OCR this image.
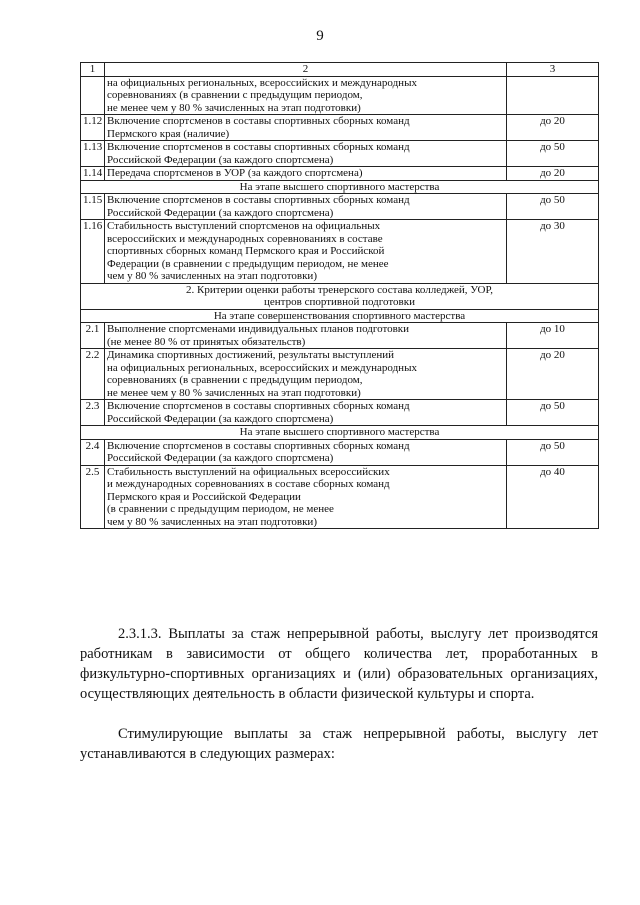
9
1	2	3
	на официальных региональных, всероссийских и международных
соревнованиях (в сравнении с предыдущим периодом,
не менее чем у 80 % зачисленных на этап подготовки)	
1.12	Включение спортсменов в составы спортивных сборных команд
Пермского края (наличие)	до 20
1.13	Включение спортсменов в составы спортивных сборных команд
Российской Федерации (за каждого спортсмена)	до 50
1.14	Передача спортсменов в УОР (за каждого спортсмена)	до 20
На этапе высшего спортивного мастерства		
1.15	Включение спортсменов в составы спортивных сборных команд
Российской Федерации (за каждого спортсмена)	до 50
1.16	Стабильность выступлений спортсменов на официальных
всероссийских и международных соревнованиях в составе
спортивных сборных команд Пермского края и Российской
Федерации (в сравнении с предыдущим периодом, не менее
чем у 80 % зачисленных на этап подготовки)	до 30
2. Критерии оценки работы тренерского состава колледжей, УОР,
центров спортивной подготовки		
На этапе совершенствования спортивного мастерства		
2.1	Выполнение спортсменами индивидуальных планов подготовки
(не менее 80 % от принятых обязательств)	до 10
2.2	Динамика спортивных достижений, результаты выступлений
на официальных региональных, всероссийских и международных
соревнованиях (в сравнении с предыдущим периодом,
не менее чем у 80 % зачисленных на этап подготовки)	до 20
2.3	Включение спортсменов в составы спортивных сборных команд
Российской Федерации (за каждого спортсмена)	до 50
На этапе высшего спортивного мастерства		
2.4	Включение спортсменов в составы спортивных сборных команд
Российской Федерации (за каждого спортсмена)	до 50
2.5	Стабильность выступлений на официальных всероссийских
и международных соревнованиях в составе сборных команд
Пермского края и Российской Федерации
(в сравнении с предыдущим периодом, не менее
чем у 80 % зачисленных на этап подготовки)	до 40

2.3.1.3. Выплаты за стаж непрерывной работы, выслугу лет производятся работникам в зависимости от общего количества лет, проработанных в физкультурно-спортивных организациях и (или) образовательных организациях, осуществляющих деятельность в области физической культуры и спорта.

Стимулирующие выплаты за стаж непрерывной работы, выслугу лет устанавливаются в следующих размерах:
